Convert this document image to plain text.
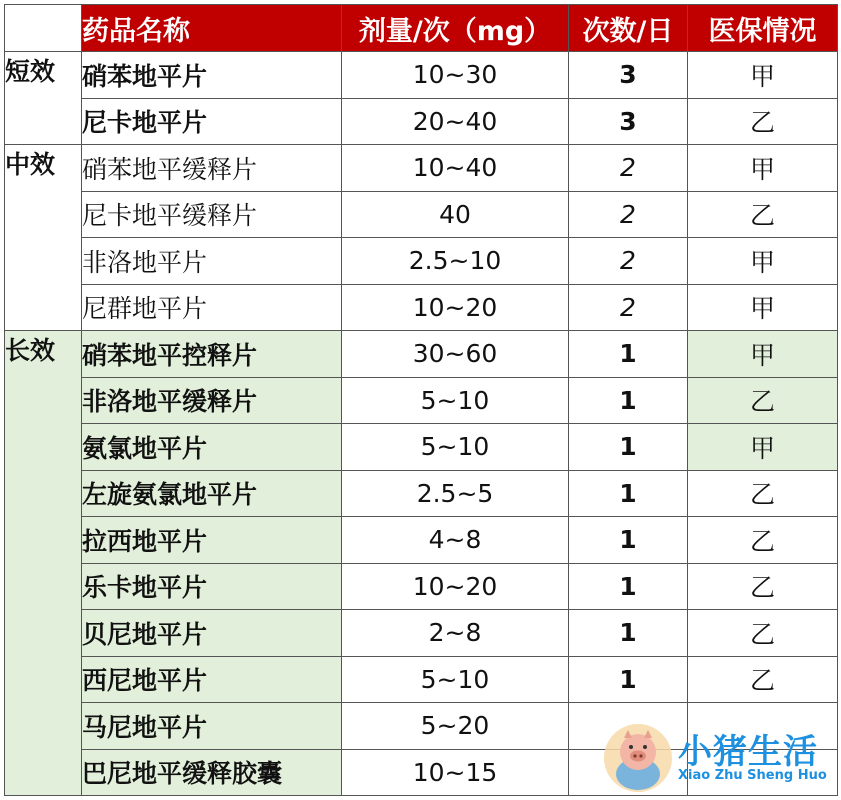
	药品名称	剂量/次（mg）	次数/日	医保情况
短效	硝苯地平片	10~30	3	甲
	尼卡地平片	20~40	3	乙
中效	硝苯地平缓释片	10~40	2	甲
	尼卡地平缓释片	40	2	乙
	非洛地平片	2.5~10	2	甲
	尼群地平片	10~20	2	甲
长效	硝苯地平控释片	30~60	1	甲
	非洛地平缓释片	5~10	1	乙
	氨氯地平片	5~10	1	甲
	左旋氨氯地平片	2.5~5	1	乙
	拉西地平片	4~8	1	乙
	乐卡地平片	10~20	1	乙
	贝尼地平片	2~8	1	乙
	西尼地平片	5~10	1	乙
	马尼地平片	5~20		
	巴尼地平缓释胶囊	10~15		
小猪生活
Xiao Zhu Sheng Huo
